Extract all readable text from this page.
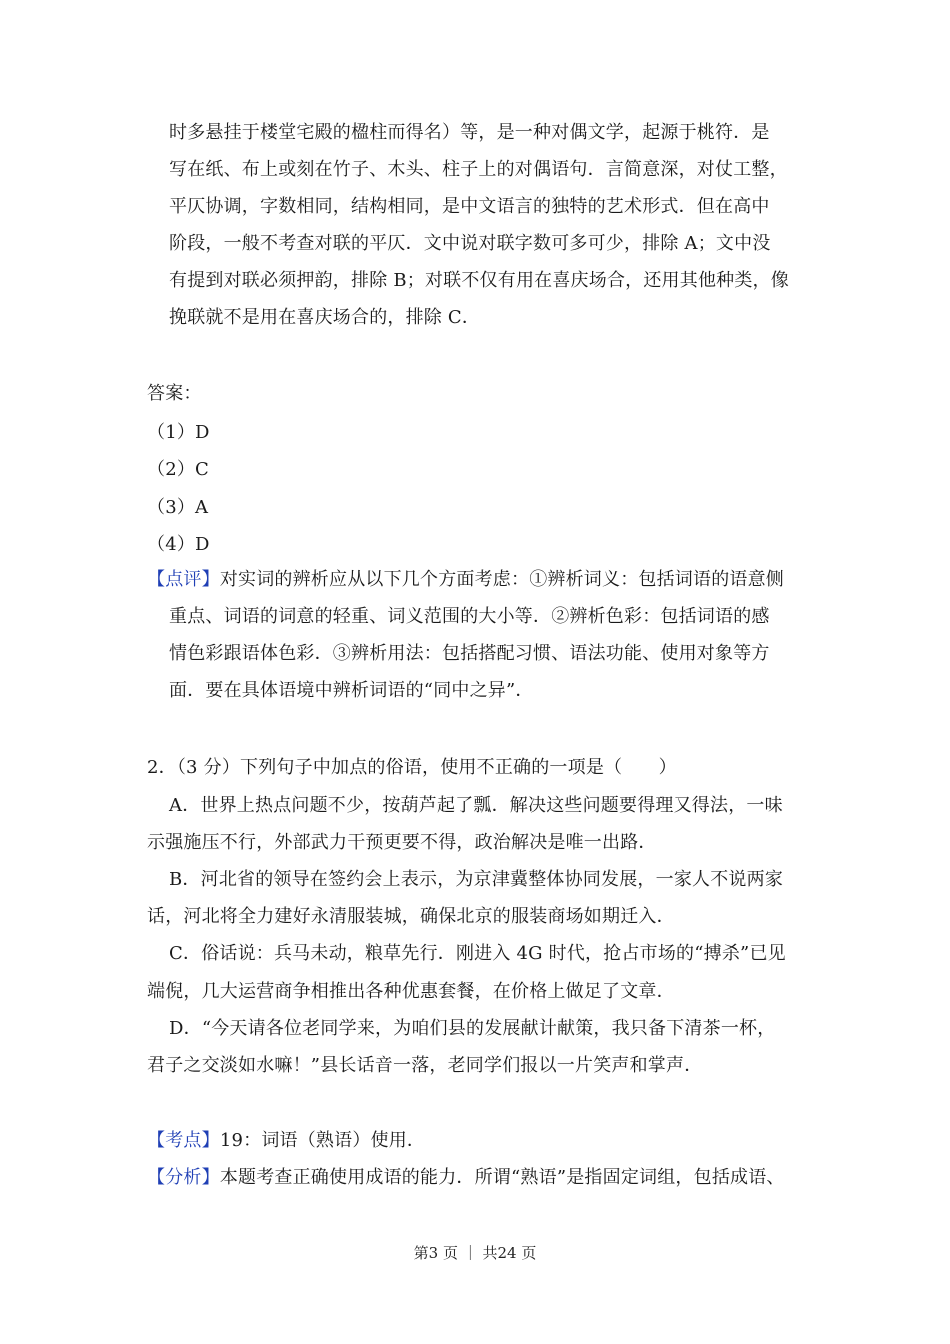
时多悬挂于楼堂宅殿的楹柱而得名）等，是一种对偶文学，起源于桃符．是
写在纸、布上或刻在竹子、木头、柱子上的对偶语句．言简意深，对仗工整，
平仄协调，字数相同，结构相同，是中文语言的独特的艺术形式．但在高中
阶段，一般不考查对联的平仄．文中说对联字数可多可少，排除 A；文中没
有提到对联必须押韵，排除 B；对联不仅有用在喜庆场合，还用其他种类，像
挽联就不是用在喜庆场合的，排除 C．
答案：
（1）D
（2）C
（3）A
（4）D
【点评】对实词的辨析应从以下几个方面考虑：①辨析词义：包括词语的语意侧
重点、词语的词意的轻重、词义范围的大小等．②辨析色彩：包括词语的感
情色彩跟语体色彩．③辨析用法：包括搭配习惯、语法功能、使用对象等方
面．要在具体语境中辨析词语的“同中之异”．
2．（3 分）下列句子中加点的俗语，使用不正确的一项是（　　）
A．世界上热点问题不少，按葫芦起了瓢．解决这些问题要得理又得法，一味
示强施压不行，外部武力干预更要不得，政治解决是唯一出路．
B．河北省的领导在签约会上表示，为京津冀整体协同发展，一家人不说两家
话，河北将全力建好永清服装城，确保北京的服装商场如期迁入．
C．俗话说：兵马未动，粮草先行．刚进入 4G 时代，抢占市场的“搏杀”已见
端倪，几大运营商争相推出各种优惠套餐，在价格上做足了文章．
D．“今天请各位老同学来，为咱们县的发展献计献策，我只备下清茶一杯，
君子之交淡如水嘛！”县长话音一落，老同学们报以一片笑声和掌声．
【考点】19：词语（熟语）使用．
【分析】本题考查正确使用成语的能力．所谓“熟语”是指固定词组，包括成语、
第3 页 ｜ 共24 页
